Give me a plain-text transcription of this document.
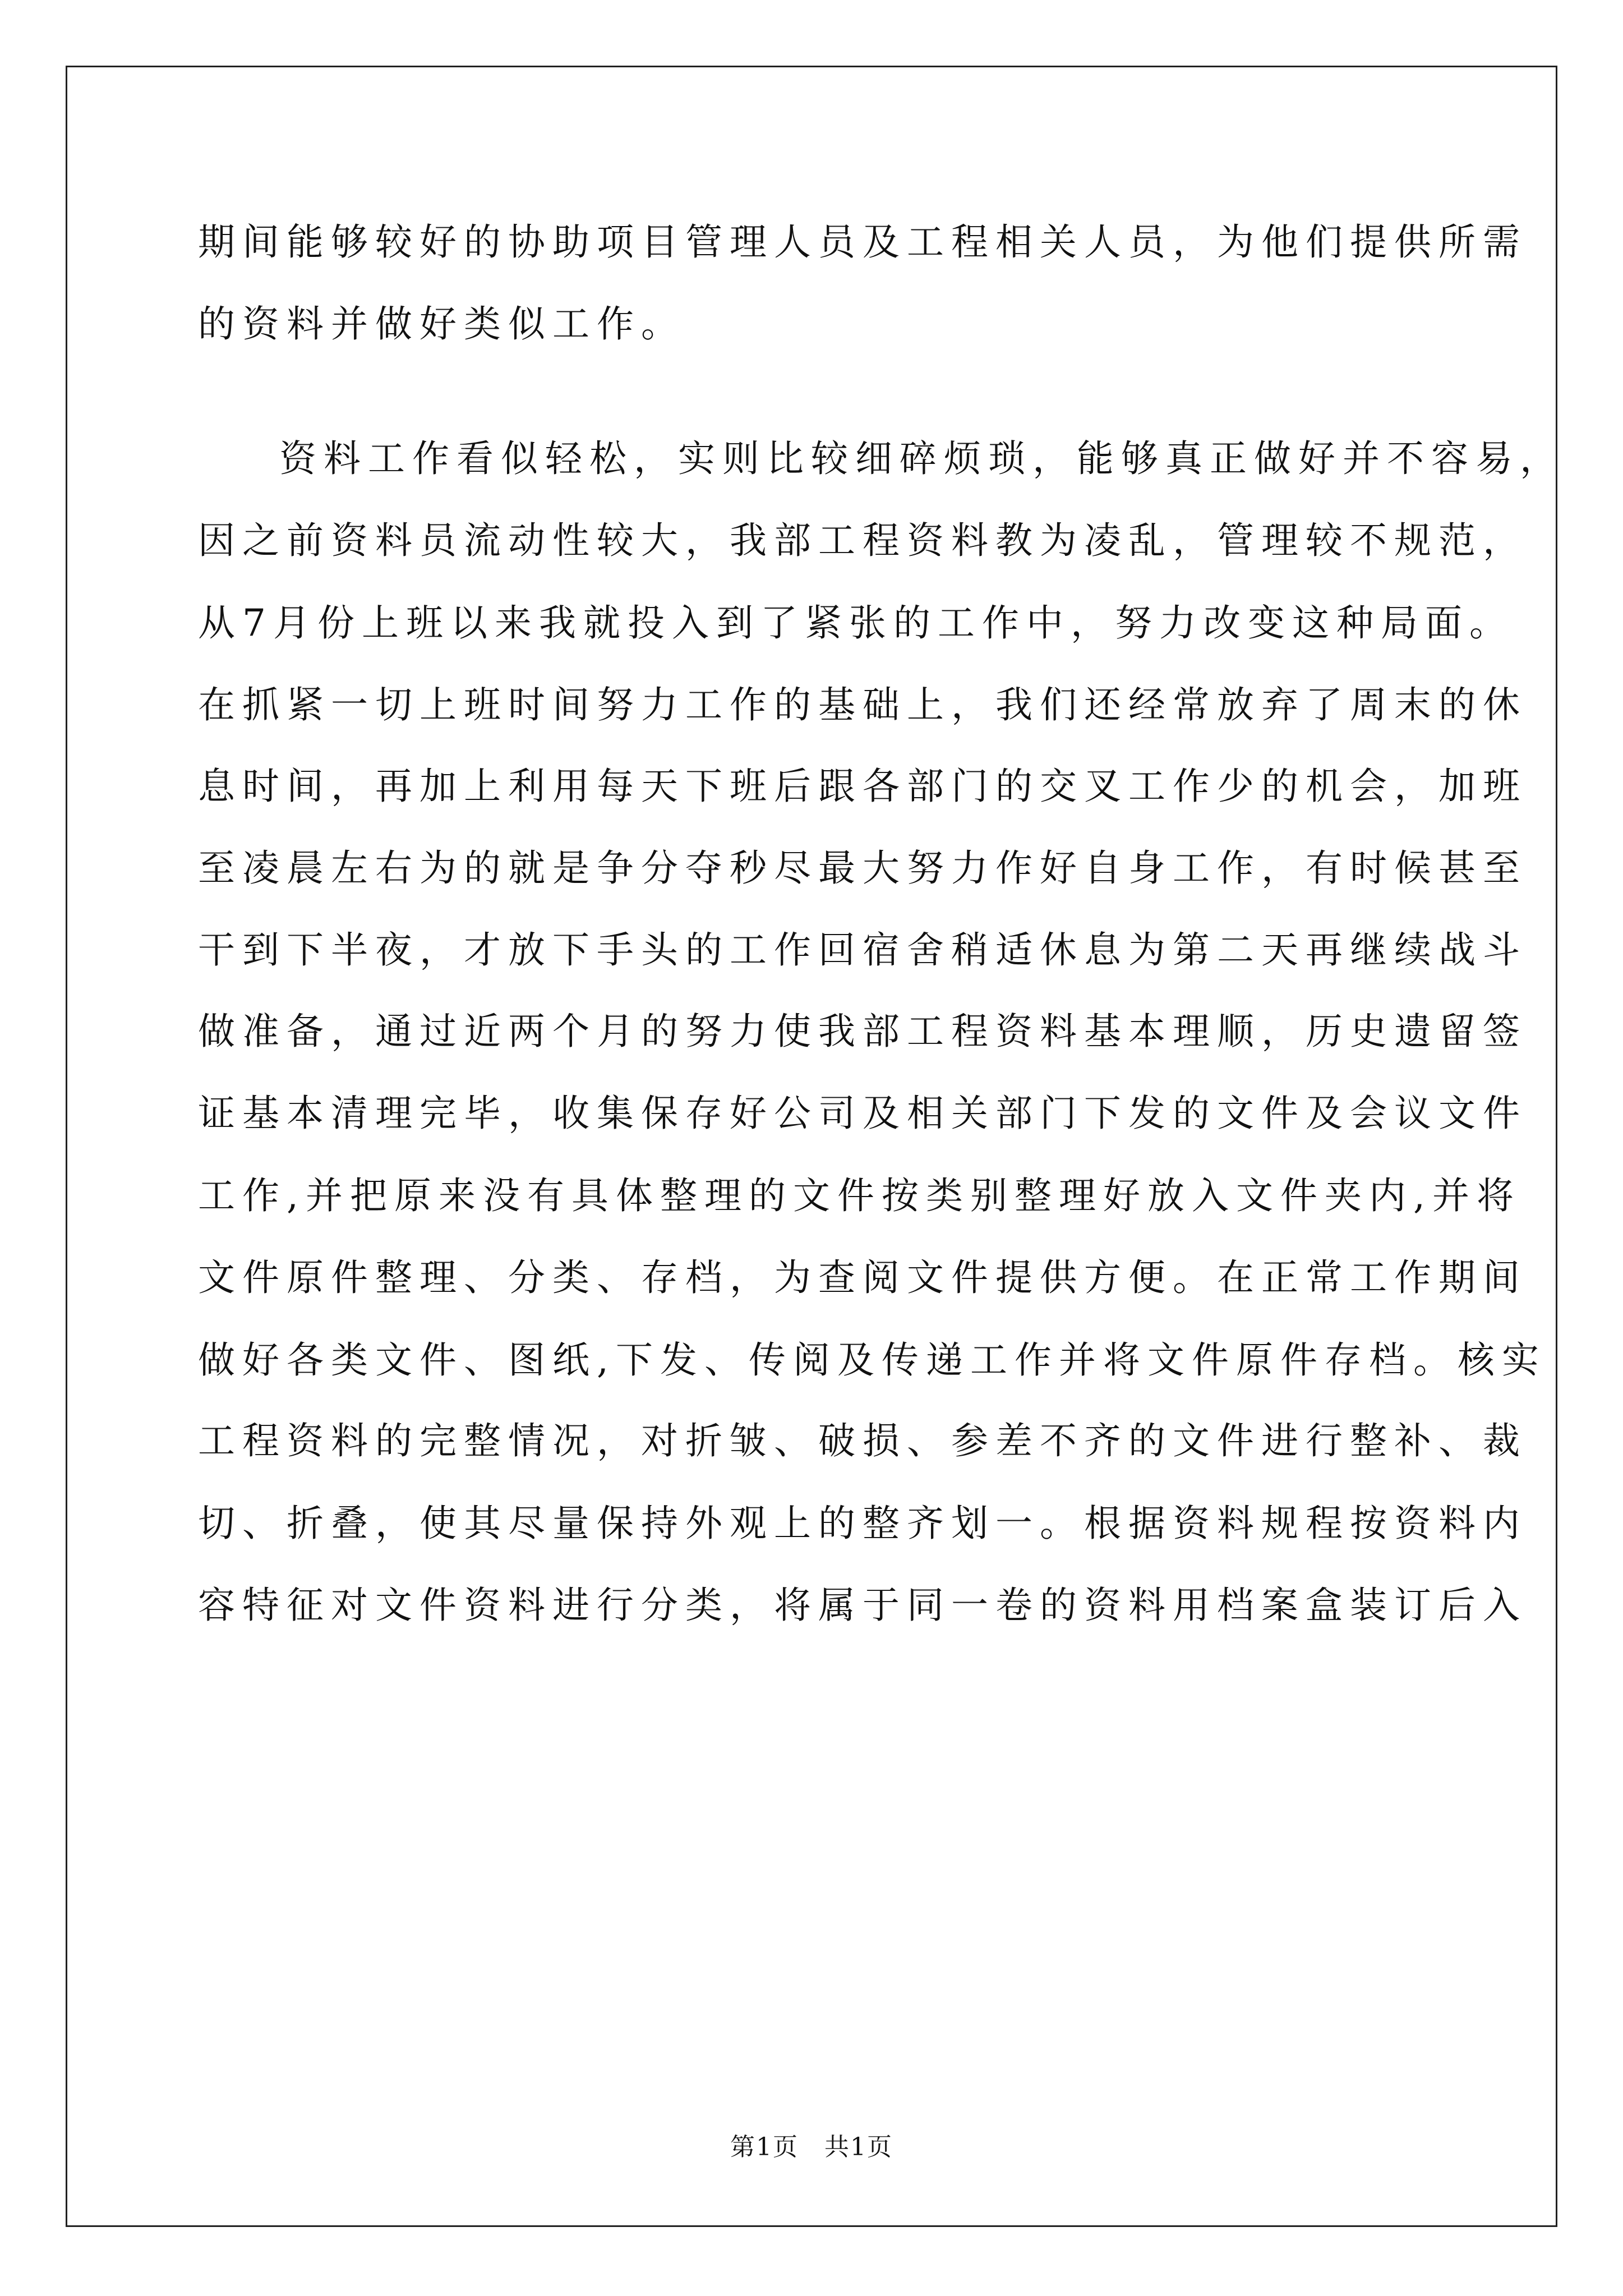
期间能够较好的协助项目管理人员及工程相关人员，为他们提供所需
的资料并做好类似工作。
资料工作看似轻松，实则比较细碎烦琐，能够真正做好并不容易，
因之前资料员流动性较大，我部工程资料教为凌乱，管理较不规范，
从7月份上班以来我就投入到了紧张的工作中，努力改变这种局面。
在抓紧一切上班时间努力工作的基础上，我们还经常放弃了周末的休
息时间，再加上利用每天下班后跟各部门的交叉工作少的机会，加班
至凌晨左右为的就是争分夺秒尽最大努力作好自身工作，有时候甚至
干到下半夜，才放下手头的工作回宿舍稍适休息为第二天再继续战斗
做准备，通过近两个月的努力使我部工程资料基本理顺，历史遗留签
证基本清理完毕，收集保存好公司及相关部门下发的文件及会议文件
工作,并把原来没有具体整理的文件按类别整理好放入文件夹内,并将
文件原件整理、分类、存档，为查阅文件提供方便。在正常工作期间
做好各类文件、图纸,下发、传阅及传递工作并将文件原件存档。核实
工程资料的完整情况，对折皱、破损、参差不齐的文件进行整补、裁
切、折叠，使其尽量保持外观上的整齐划一。根据资料规程按资料内
容特征对文件资料进行分类，将属于同一卷的资料用档案盒装订后入
第1页　共1页
